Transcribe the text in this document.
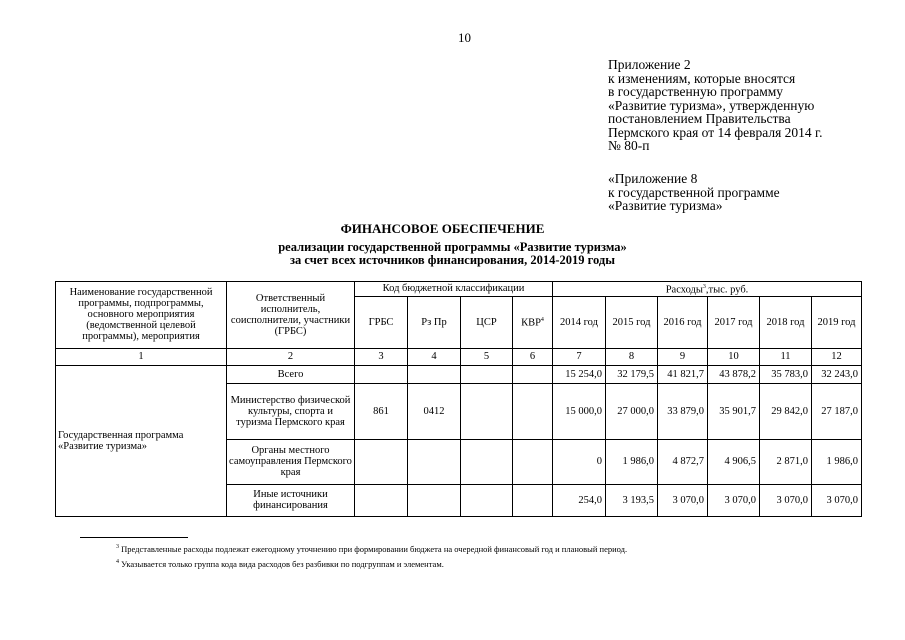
10
Приложение 2
к изменениям, которые вносятся
в государственную программу
«Развитие туризма», утвержденную
постановлением Правительства
Пермского края от 14 февраля 2014 г.
№ 80-п
«Приложение 8
к государственной программе
«Развитие туризма»
ФИНАНСОВОЕ ОБЕСПЕЧЕНИЕ
реализации государственной программы «Развитие туризма»
за счет всех источников финансирования, 2014-2019 годы
Наименование государственной программы, подпрограммы, основного мероприятия (ведомственной целевой программы), мероприятия	Ответственный исполнитель, соисполнители, участники (ГРБС)	Код бюджетной классификации				Расходы$^3$,тыс. руб.					
		ГРБС	Рз Пр	ЦСР	КВР$^4$	2014 год	2015 год	2016 год	2017 год	2018 год	2019 год
1	2	3	4	5	6	7	8	9	10	11	12
Государственная программа «Развитие туризма»	Всего					15 254,0	32 179,5	41 821,7	43 878,2	35 783,0	32 243,0
	Министерство физической культуры, спорта и туризма Пермского края	861	0412			15 000,0	27 000,0	33 879,0	35 901,7	29 842,0	27 187,0
	Органы местного самоуправления Пермского края					0	1 986,0	4 872,7	4 906,5	2 871,0	1 986,0
	Иные источники финансирования					254,0	3 193,5	3 070,0	3 070,0	3 070,0	3 070,0
$^3$ Представленные расходы подлежат ежегодному уточнению при формировании бюджета на очередной финансовый год и плановый период.
$^4$ Указывается только группа кода вида расходов без разбивки по подгруппам и элементам.
